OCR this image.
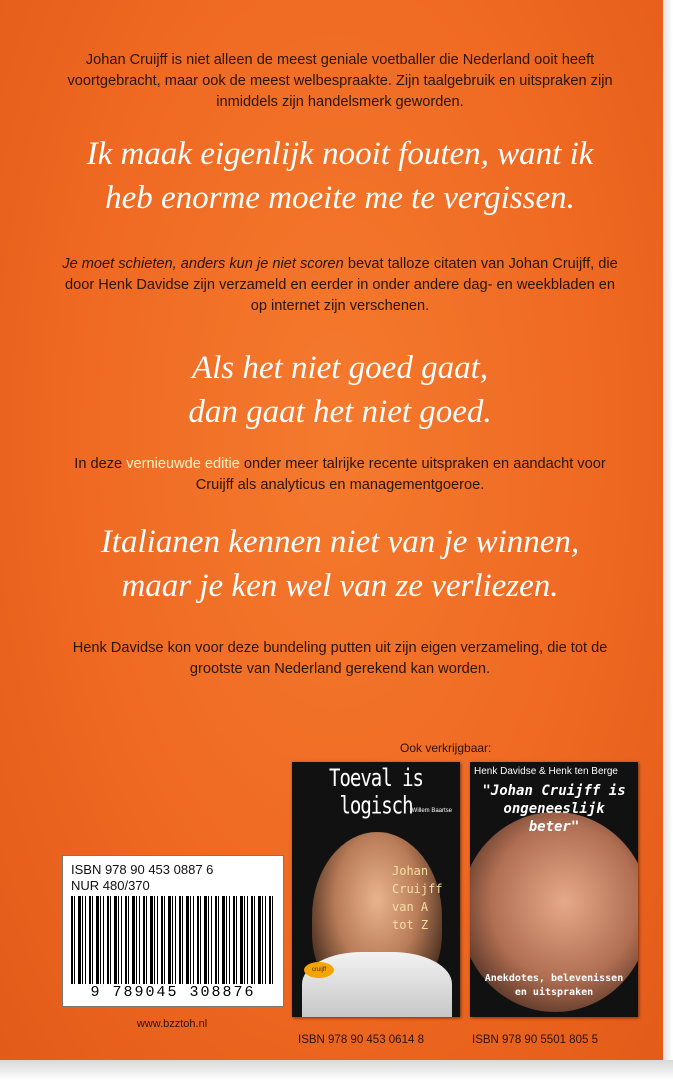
Johan Cruijff is niet alleen de meest geniale voetballer die Nederland ooit heeft voortgebracht, maar ook de meest welbespraakte. Zijn taalgebruik en uitspraken zijn inmiddels zijn handelsmerk geworden.

Ik maak eigenlijk nooit fouten, want ik
heb enorme moeite me te vergissen.

Je moet schieten, anders kun je niet scoren bevat talloze citaten van Johan Cruijff, die door Henk Davidse zijn verzameld en eerder in onder andere dag- en weekbladen en op internet zijn verschenen.

Als het niet goed gaat,
dan gaat het niet goed.

In deze vernieuwde editie onder meer talrijke recente uitspraken en aandacht voor Cruijff als analyticus en managementgoeroe.

Italianen kennen niet van je winnen,
maar je ken wel van ze verliezen.

Henk Davidse kon voor deze bundeling putten uit zijn eigen verzameling, die tot de grootste van Nederland gerekend kan worden.

Ook verkrijgbaar:
Toeval is logisch Willem Baartse
Johan Cruijff van A tot Z
cruijff
Henk Davidse & Henk ten Berge
"Johan Cruijff is ongeneeslijk beter"
Anekdotes, belevenissen en uitspraken
ISBN 978 90 453 0614 8	ISBN 978 90 5501 805 5
ISBN 978 90 453 0887 6
NUR 480/370
9 789045 308876
www.bzztoh.nl
